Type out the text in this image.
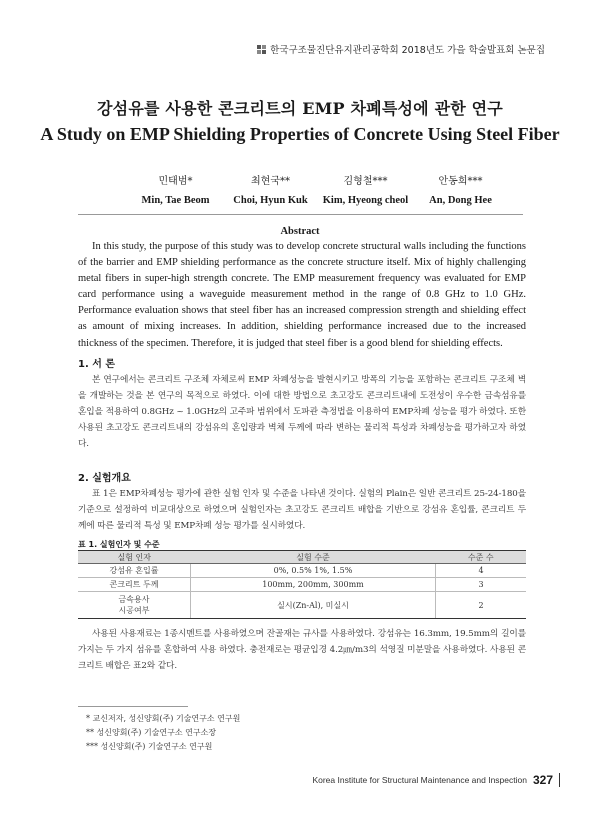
한국구조물진단유지관리공학회 2018년도 가을 학술발표회 논문집
강섬유를 사용한 콘크리트의 EMP 차폐특성에 관한 연구
A Study on EMP Shielding Properties of Concrete Using Steel Fiber
민태범*
Min, Tae Beom
최현국**
Choi, Hyun Kuk
김형철***
Kim, Hyeong cheol
안동희***
An, Dong Hee
Abstract
In this study, the purpose of this study was to develop concrete structural walls including the functions of the barrier and EMP shielding performance as the concrete structure itself. Mix of highly challenging metal fibers in super-high strength concrete. The EMP measurement frequency was evaluated for EMP card performance using a waveguide measurement method in the range of 0.8 GHz to 1.0 GHz. Performance evaluation shows that steel fiber has an increased compression strength and shielding effect as amount of mixing increases. In addition, shielding performance increased due to the increased thickness of the specimen. Therefore, it is judged that steel fiber is a good blend for shielding effects.
1. 서 론
본 연구에서는 콘크리트 구조체 자체로써 EMP 차폐성능을 발현시키고 방폭의 기능을 포함하는 콘크리트 구조체 벽을 개발하는 것을 본 연구의 목적으로 하였다. 이에 대한 방법으로 초고강도 콘크리트내에 도전성이 우수한 금속섬유를 혼입을 적용하여 0.8GHz ~ 1.0GHz의 고주파 범위에서 도파관 측정법을 이용하여 EMP차폐 성능을 평가 하였다. 또한 사용된 초고강도 콘크리트내의 강섬유의 혼입량과 벽체 두께에 따라 변하는 물리적 특성과 차폐성능을 평가하고자 하였다.
2. 실험개요
표 1은 EMP차폐성능 평가에 관한 실험 인자 및 수준을 나타낸 것이다. 실험의 Plain은 일반 콘크리트 25-24-180을 기준으로 설정하여 비교대상으로 하였으며 실험인자는 초고강도 콘크리트 배합을 기반으로 강섬유 혼입률, 콘크리트 두께에 따른 물리적 특성 및 EMP차폐 성능 평가를 실시하였다.
표 1. 실험인자 및 수준
실험 인자	실험 수준	수준 수
강섬유 혼입률	0%, 0.5% 1%, 1.5%	4
콘크리트 두께	100mm, 200mm, 300mm	3
금속용사
시공여부	실시(Zn-Al), 미실시	2
사용된 사용재료는 1종시멘트를 사용하였으며 잔골재는 규사를 사용하였다. 강섬유는 16.3mm, 19.5mm의 길이를 가지는 두 가지 섬유를 혼합하여 사용 하였다. 충전재로는 평균입경 4.2㎛/m3의 석영질 미분말을 사용하였다. 사용된 콘크리트 배합은 표2와 같다.
* 교신저자, 성신양회(주) 기술연구소 연구원
** 성신양회(주) 기술연구소 연구소장
*** 성신양회(주) 기술연구소 연구원
Korea Institute for Structural Maintenance and Inspection 327
